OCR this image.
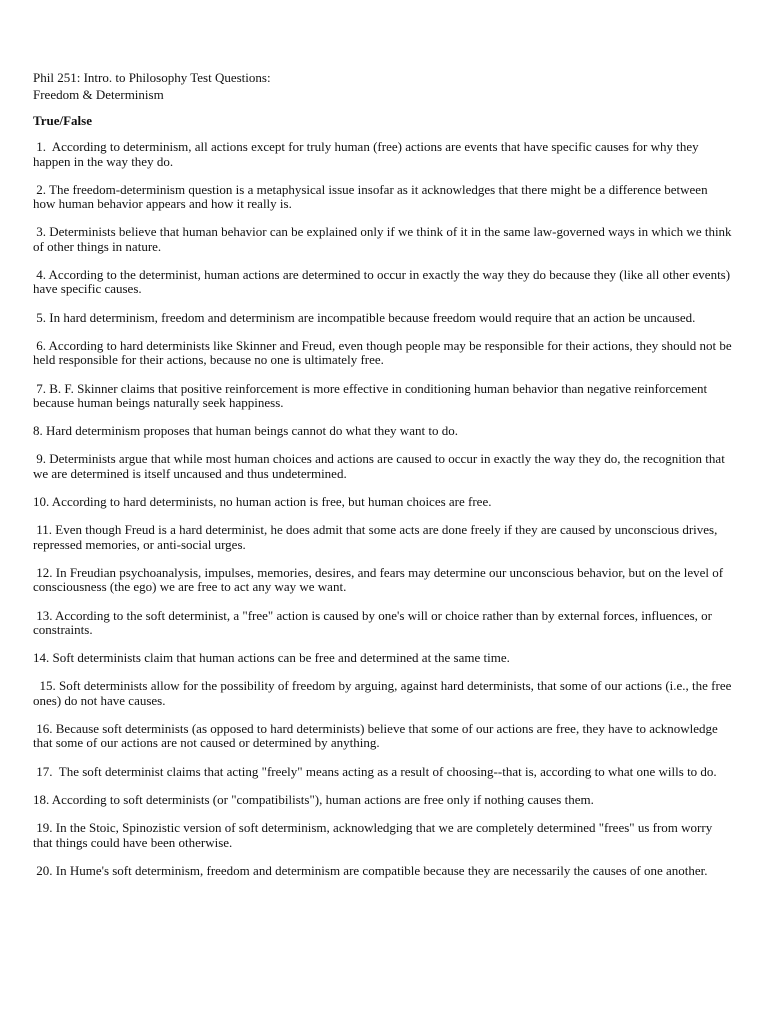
Phil 251: Intro. to Philosophy Test Questions:

Freedom & Determinism

True/False

1.  According to determinism, all actions except for truly human (free) actions are events that have specific causes for why they happen in the way they do.

2. The freedom-determinism question is a metaphysical issue insofar as it acknowledges that there might be a difference between how human behavior appears and how it really is.

3. Determinists believe that human behavior can be explained only if we think of it in the same law-governed ways in which we think of other things in nature.

4. According to the determinist, human actions are determined to occur in exactly the way they do because they (like all other events) have specific causes.

5. In hard determinism, freedom and determinism are incompatible because freedom would require that an action be uncaused.

6. According to hard determinists like Skinner and Freud, even though people may be responsible for their actions, they should not be held responsible for their actions, because no one is ultimately free.

7. B. F. Skinner claims that positive reinforcement is more effective in conditioning human behavior than negative reinforcement because human beings naturally seek happiness.

8. Hard determinism proposes that human beings cannot do what they want to do.

9. Determinists argue that while most human choices and actions are caused to occur in exactly the way they do, the recognition that we are determined is itself uncaused and thus undetermined.

10. According to hard determinists, no human action is free, but human choices are free.

11. Even though Freud is a hard determinist, he does admit that some acts are done freely if they are caused by unconscious drives, repressed memories, or anti-social urges.

12. In Freudian psychoanalysis, impulses, memories, desires, and fears may determine our unconscious behavior, but on the level of consciousness (the ego) we are free to act any way we want.

13. According to the soft determinist, a "free" action is caused by one's will or choice rather than by external forces, influences, or constraints.

14. Soft determinists claim that human actions can be free and determined at the same time.

15. Soft determinists allow for the possibility of freedom by arguing, against hard determinists, that some of our actions (i.e., the free ones) do not have causes.

16. Because soft determinists (as opposed to hard determinists) believe that some of our actions are free, they have to acknowledge that some of our actions are not caused or determined by anything.

17.  The soft determinist claims that acting "freely" means acting as a result of choosing--that is, according to what one wills to do.

18. According to soft determinists (or "compatibilists"), human actions are free only if nothing causes them.

19. In the Stoic, Spinozistic version of soft determinism, acknowledging that we are completely determined "frees" us from worry that things could have been otherwise.

20. In Hume's soft determinism, freedom and determinism are compatible because they are necessarily the causes of one another.
